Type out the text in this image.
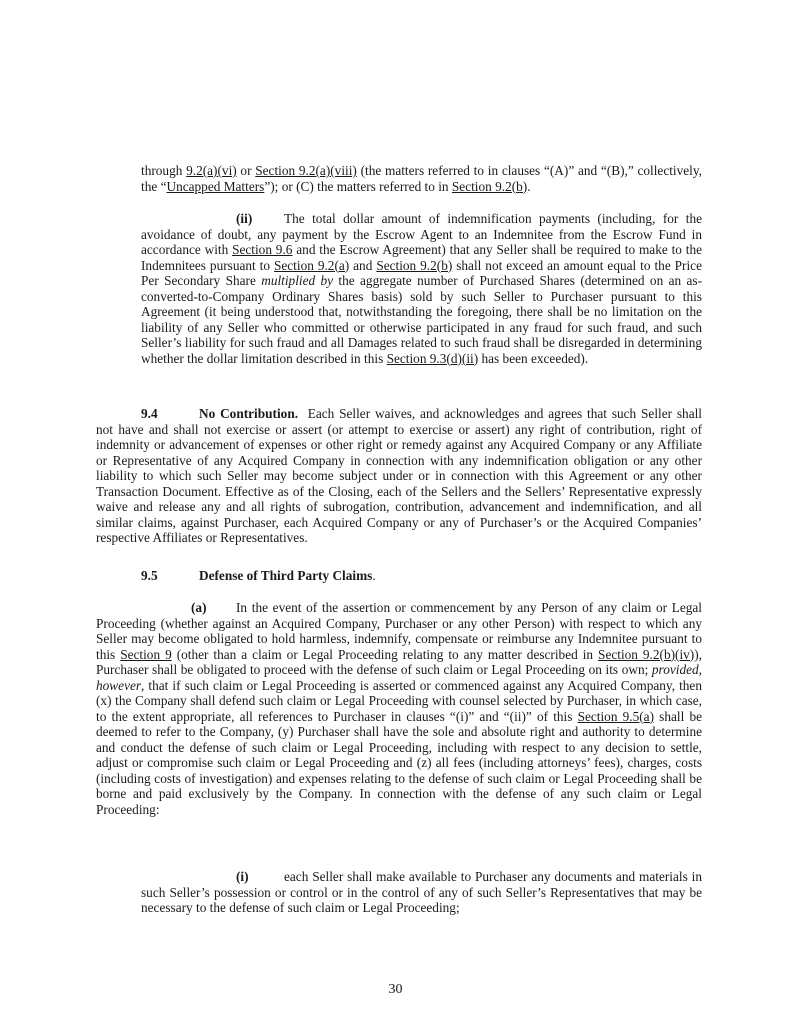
through 9.2(a)(vi) or Section 9.2(a)(viii) (the matters referred to in clauses “(A)” and “(B),” collectively, the “Uncapped Matters”); or (C) the matters referred to in Section 9.2(b).

(ii) The total dollar amount of indemnification payments (including, for the avoidance of doubt, any payment by the Escrow Agent to an Indemnitee from the Escrow Fund in accordance with Section 9.6 and the Escrow Agreement) that any Seller shall be required to make to the Indemnitees pursuant to Section 9.2(a) and Section 9.2(b) shall not exceed an amount equal to the Price Per Secondary Share multiplied by the aggregate number of Purchased Shares (determined on an as-converted-to-Company Ordinary Shares basis) sold by such Seller to Purchaser pursuant to this Agreement (it being understood that, notwithstanding the foregoing, there shall be no limitation on the liability of any Seller who committed or otherwise participated in any fraud for such fraud, and such Seller’s liability for such fraud and all Damages related to such fraud shall be disregarded in determining whether the dollar limitation described in this Section 9.3(d)(ii) has been exceeded).

9.4	No Contribution. Each Seller waives, and acknowledges and agrees that such Seller shall not have and shall not exercise or assert (or attempt to exercise or assert) any right of contribution, right of indemnity or advancement of expenses or other right or remedy against any Acquired Company or any Affiliate or Representative of any Acquired Company in connection with any indemnification obligation or any other liability to which such Seller may become subject under or in connection with this Agreement or any other Transaction Document. Effective as of the Closing, each of the Sellers and the Sellers’ Representative expressly waive and release any and all rights of subrogation, contribution, advancement and indemnification, and all similar claims, against Purchaser, each Acquired Company or any of Purchaser’s or the Acquired Companies’ respective Affiliates or Representatives.

9.5	Defense of Third Party Claims.

(a) In the event of the assertion or commencement by any Person of any claim or Legal Proceeding (whether against an Acquired Company, Purchaser or any other Person) with respect to which any Seller may become obligated to hold harmless, indemnify, compensate or reimburse any Indemnitee pursuant to this Section 9 (other than a claim or Legal Proceeding relating to any matter described in Section 9.2(b)(iv)), Purchaser shall be obligated to proceed with the defense of such claim or Legal Proceeding on its own; provided, however, that if such claim or Legal Proceeding is asserted or commenced against any Acquired Company, then (x) the Company shall defend such claim or Legal Proceeding with counsel selected by Purchaser, in which case, to the extent appropriate, all references to Purchaser in clauses “(i)” and “(ii)” of this Section 9.5(a) shall be deemed to refer to the Company, (y) Purchaser shall have the sole and absolute right and authority to determine and conduct the defense of such claim or Legal Proceeding, including with respect to any decision to settle, adjust or compromise such claim or Legal Proceeding and (z) all fees (including attorneys’ fees), charges, costs (including costs of investigation) and expenses relating to the defense of such claim or Legal Proceeding shall be borne and paid exclusively by the Company. In connection with the defense of any such claim or Legal Proceeding:

(i)	each Seller shall make available to Purchaser any documents and materials in such Seller’s possession or control or in the control of any of such Seller’s Representatives that may be necessary to the defense of such claim or Legal Proceeding;

30
